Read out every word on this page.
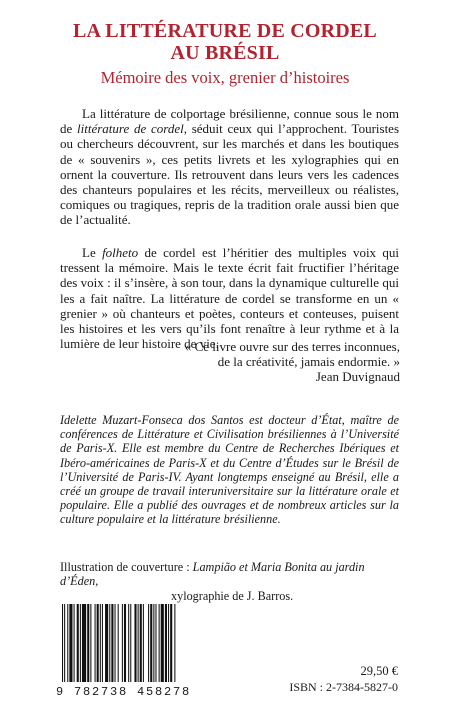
LA LITTÉRATURE DE CORDEL
AU BRÉSIL
Mémoire des voix, grenier d’histoires

La littérature de colportage brésilienne, connue sous le nom de littérature de cordel, séduit ceux qui l’approchent. Touristes ou chercheurs découvrent, sur les marchés et dans les boutiques de « souvenirs », ces petits livrets et les xylographies qui en ornent la couverture. Ils retrouvent dans leurs vers les cadences des chanteurs populaires et les récits, merveilleux ou réalistes, comiques ou tragiques, repris de la tradition orale aussi bien que de l’actualité.

Le folheto de cordel est l’héritier des multiples voix qui tressent la mémoire. Mais le texte écrit fait fructifier l’héritage des voix : il s’insère, à son tour, dans la dynamique culturelle qui les a fait naître. La littérature de cordel se transforme en un « grenier » où chanteurs et poètes, conteurs et conteuses, puisent les histoires et les vers qu’ils font renaître à leur rythme et à la lumière de leur histoire de vie.

« Ce livre ouvre sur des terres inconnues,
de la créativité, jamais endormie. »
Jean Duvignaud

Idelette Muzart-Fonseca dos Santos est docteur d’État, maître de conférences de Littérature et Civilisation brésiliennes à l’Université de Paris-X. Elle est membre du Centre de Recherches Ibériques et Ibéro-américaines de Paris-X et du Centre d’Études sur le Brésil de l’Université de Paris-IV. Ayant longtemps enseigné au Brésil, elle a créé un groupe de travail interuniversitaire sur la littérature orale et populaire. Elle a publié des ouvrages et de nombreux articles sur la culture populaire et la littérature brésilienne.

Illustration de couverture : Lampião et Maria Bonita au jardin d’Éden,
xylographie de J. Barros.
9 782738 458278
29,50 €
ISBN : 2-7384-5827-0
